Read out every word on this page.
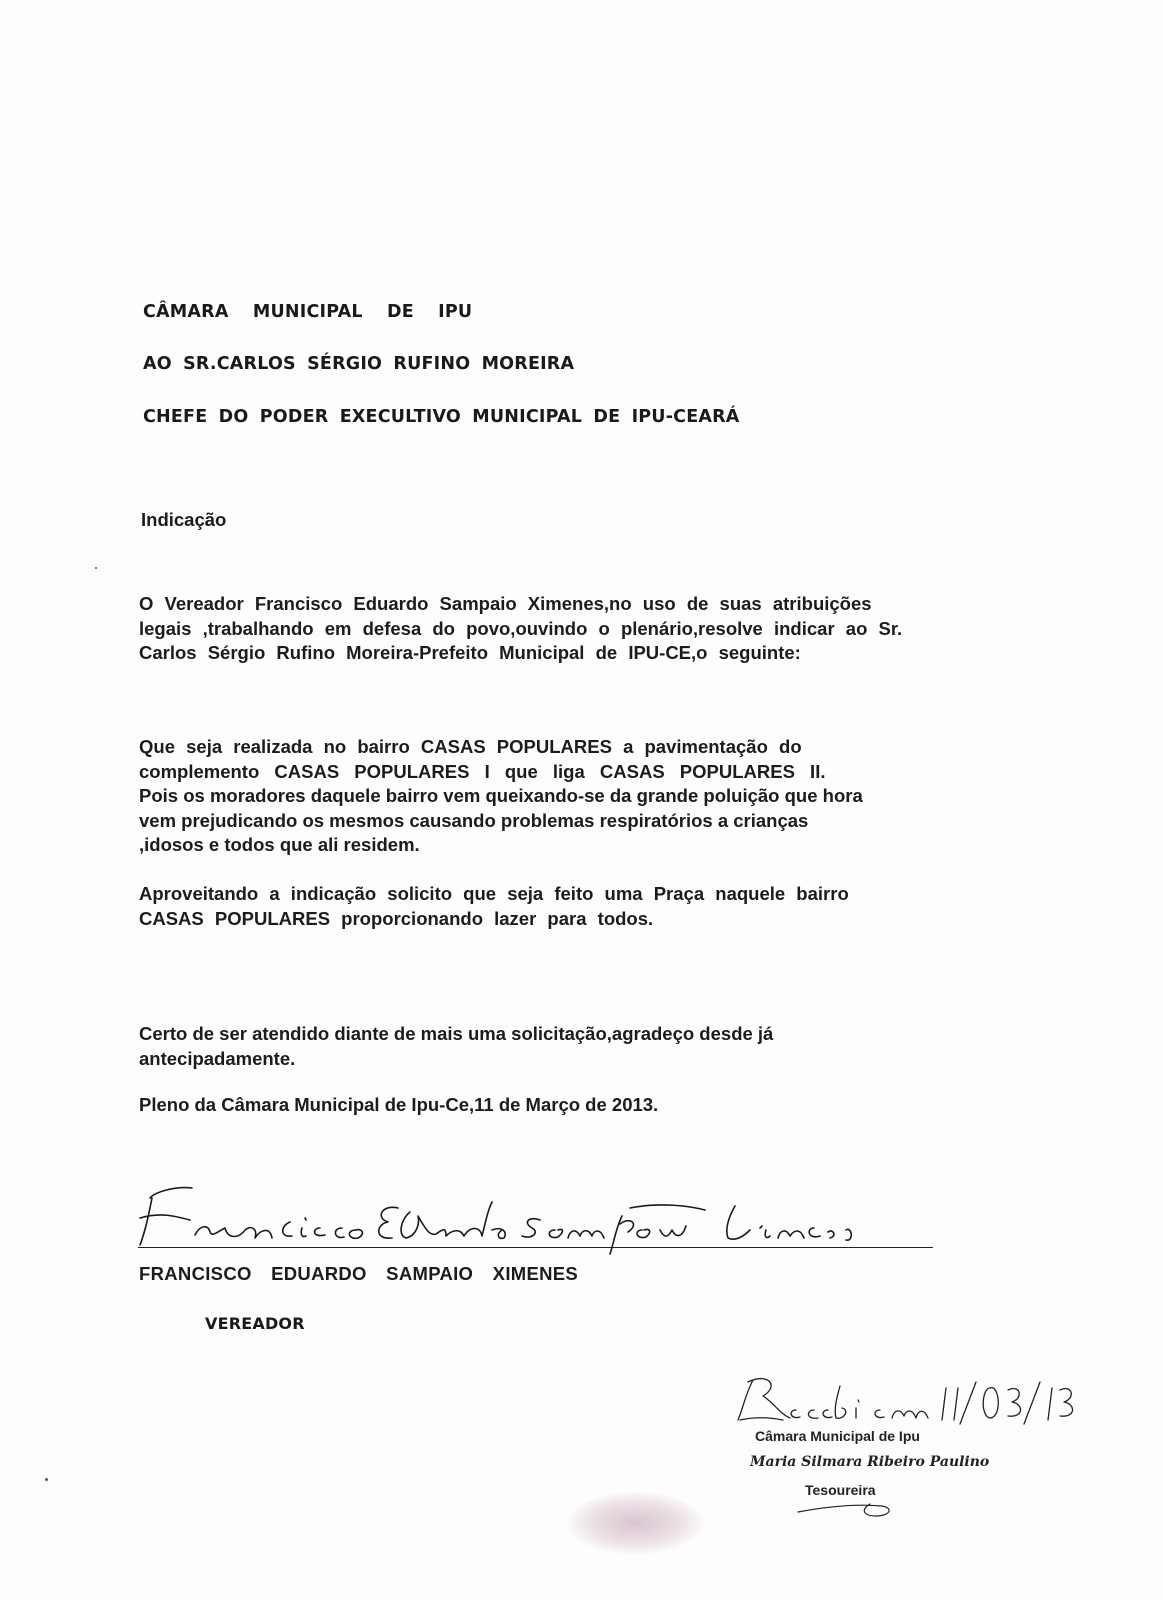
CÂMARA MUNICIPAL DE IPU
AO SR.CARLOS SÉRGIO RUFINO MOREIRA
CHEFE DO PODER EXECULTIVO MUNICIPAL DE IPU-CEARÁ
Indicação
O Vereador Francisco Eduardo Sampaio Ximenes,no uso de suas atribuições
legais ,trabalhando em defesa do povo,ouvindo o plenário,resolve indicar ao Sr.
Carlos Sérgio Rufino Moreira-Prefeito Municipal de IPU-CE,o seguinte:
Que seja realizada no bairro CASAS POPULARES a pavimentação do
complemento CASAS POPULARES I que liga CASAS POPULARES II.
Pois os moradores daquele bairro vem queixando-se da grande poluição que hora
vem prejudicando os mesmos causando problemas respiratórios a crianças
,idosos e todos que ali residem.
Aproveitando a indicação solicito que seja feito uma Praça naquele bairro
CASAS POPULARES proporcionando lazer para todos.
Certo de ser atendido diante de mais uma solicitação,agradeço desde já
antecipadamente.
Pleno da Câmara Municipal de Ipu-Ce,11 de Março de 2013.
FRANCISCO EDUARDO SAMPAIO XIMENES
VEREADOR
Câmara Municipal de Ipu
Maria Silmara Ribeiro Paulino
Tesoureira
